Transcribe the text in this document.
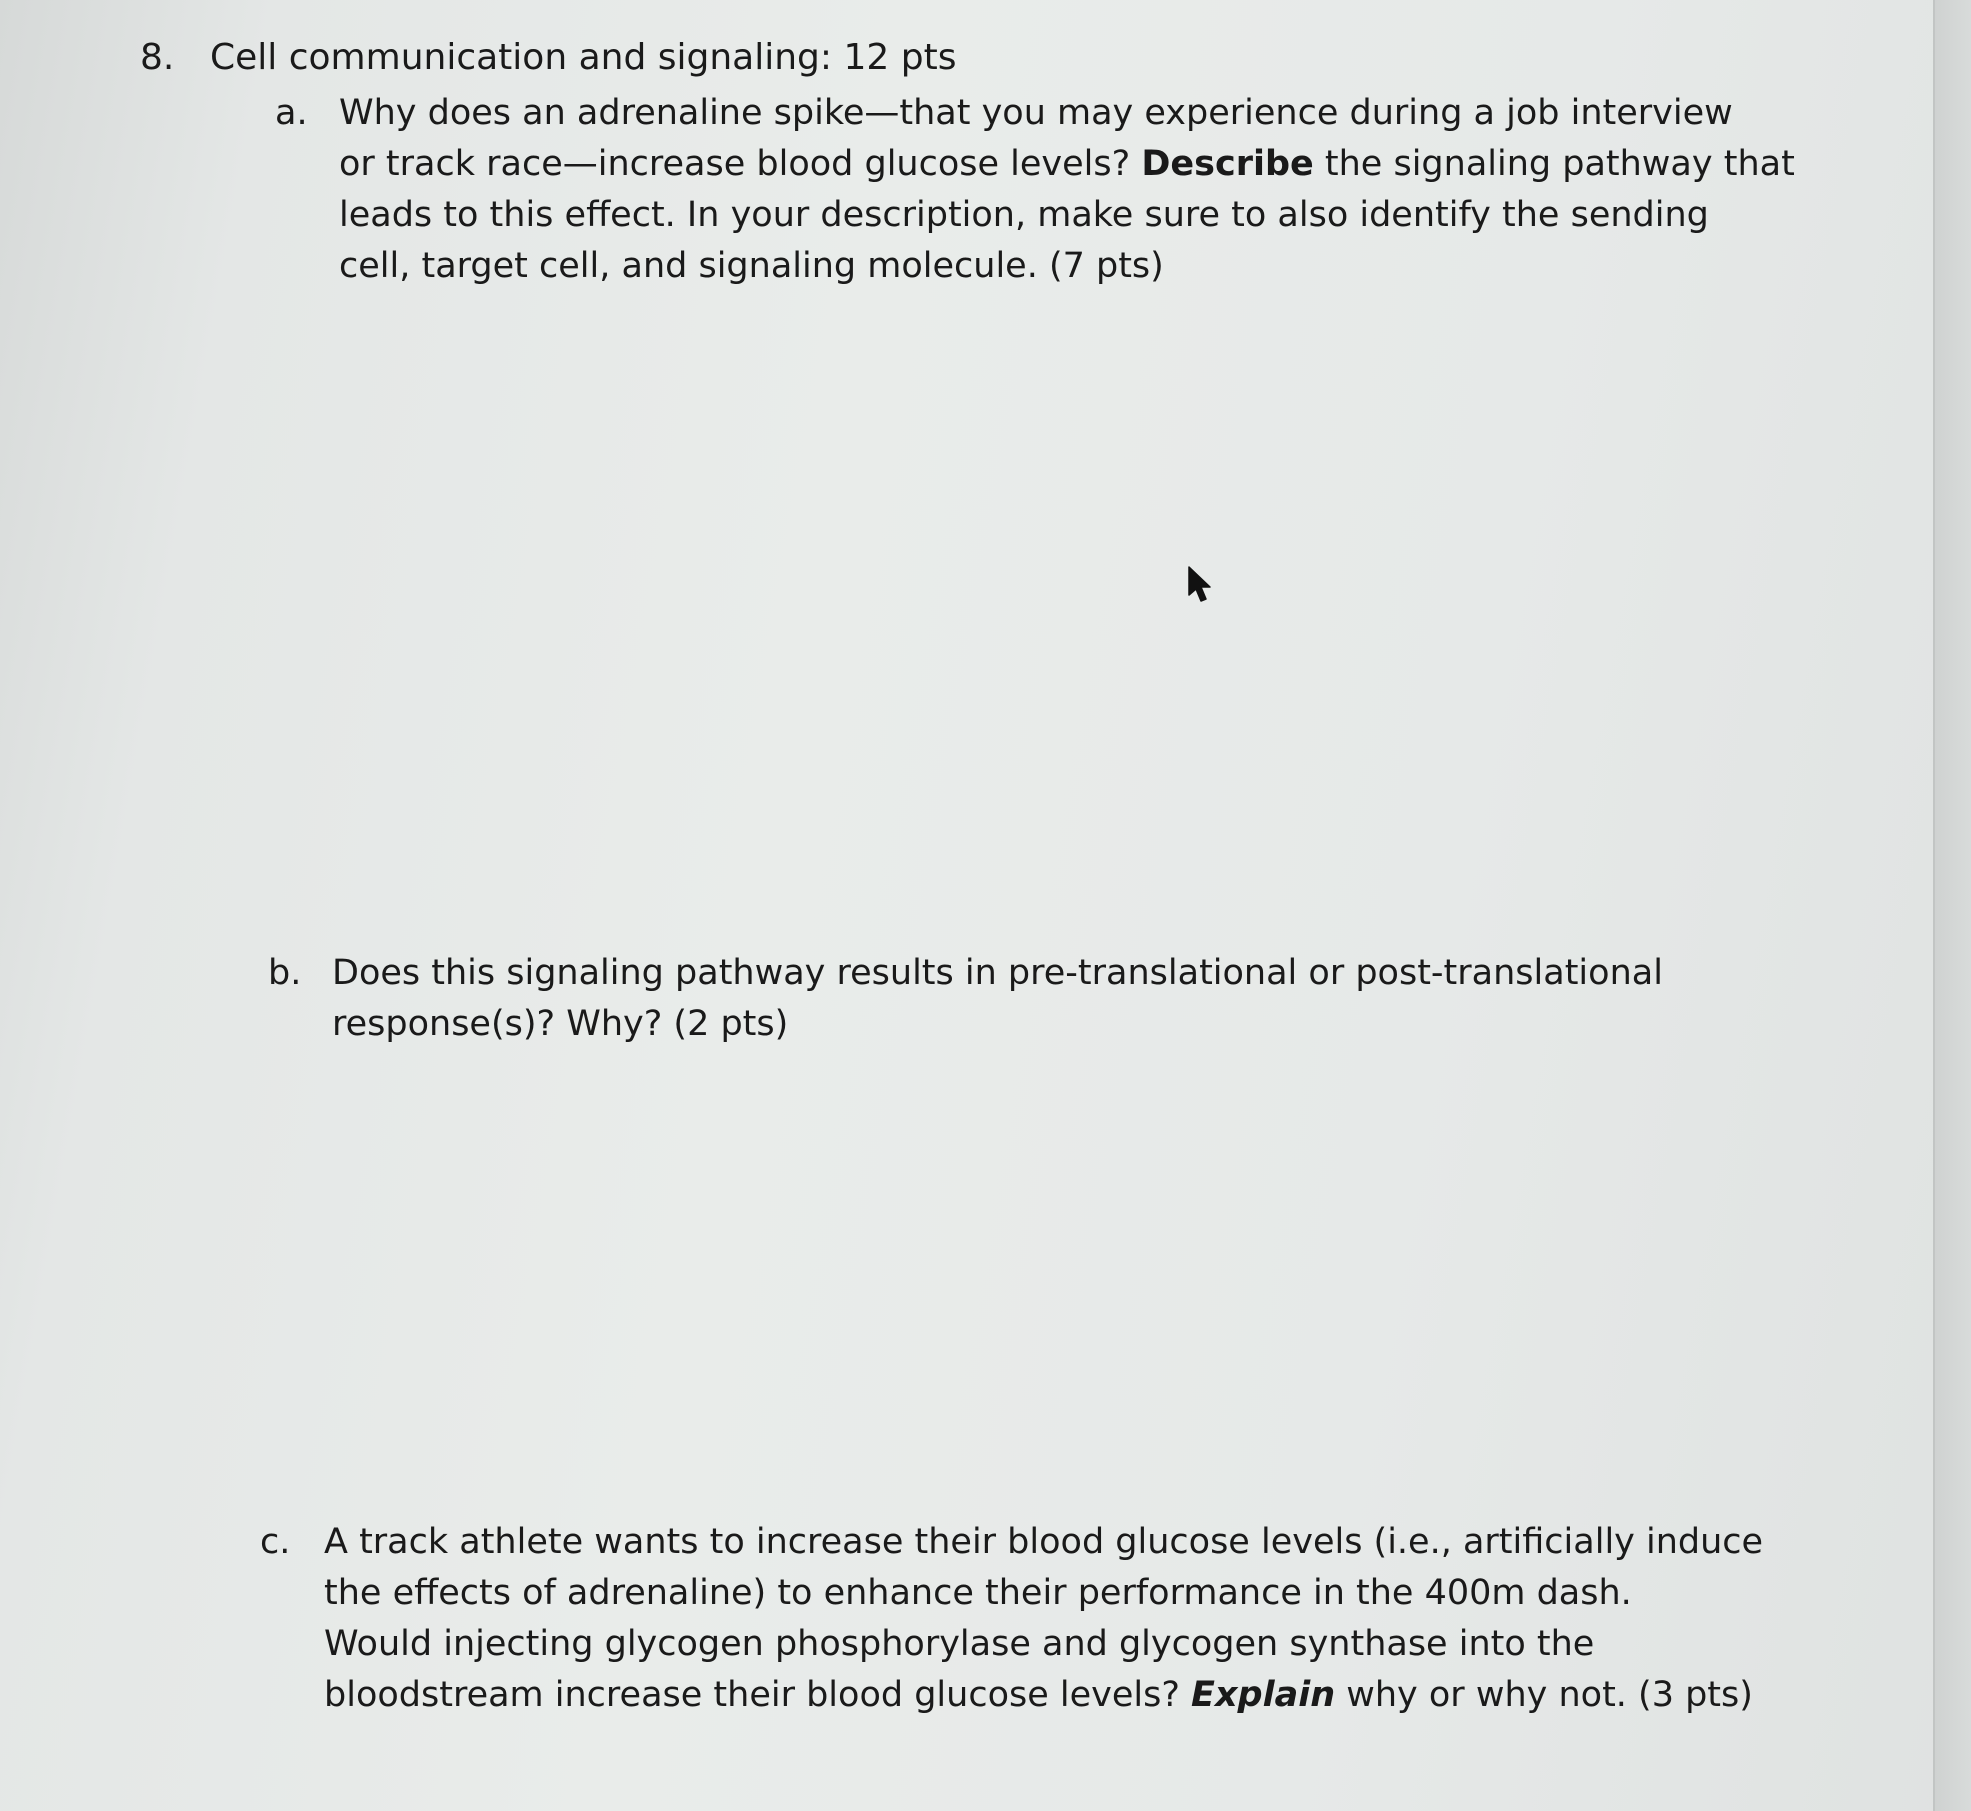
8. Cell communication and signaling: 12 pts
a. Why does an adrenaline spike—that you may experience during a job interview
or track race—increase blood glucose levels? Describe the signaling pathway that
leads to this effect. In your description, make sure to also identify the sending
cell, target cell, and signaling molecule. (7 pts)
b. Does this signaling pathway results in pre-translational or post-translational
response(s)? Why? (2 pts)
c. A track athlete wants to increase their blood glucose levels (i.e., artificially induce
the effects of adrenaline) to enhance their performance in the 400m dash.
Would injecting glycogen phosphorylase and glycogen synthase into the
bloodstream increase their blood glucose levels? Explain why or why not. (3 pts)
